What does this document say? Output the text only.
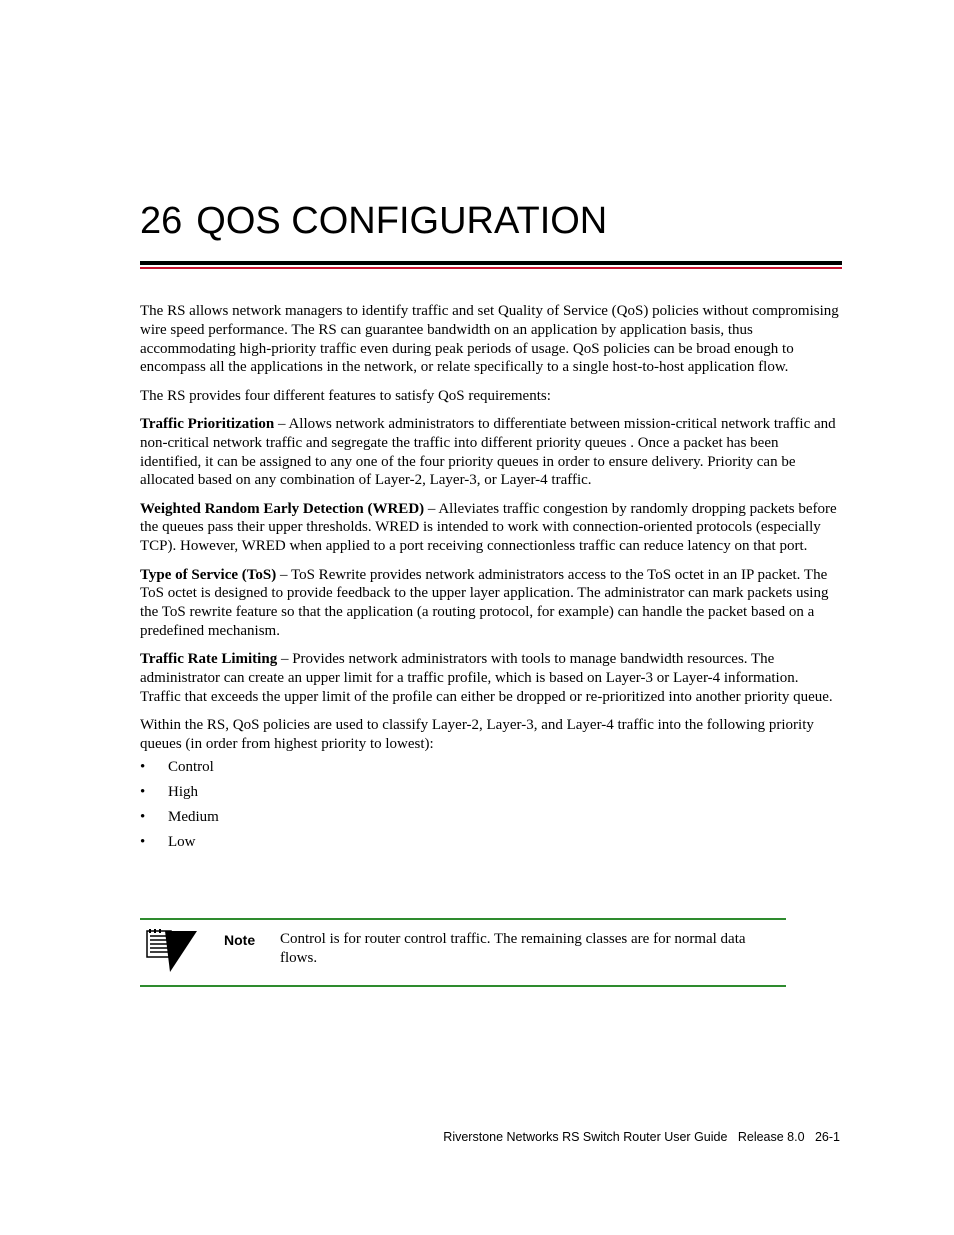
26 QOS CONFIGURATION

The RS allows network managers to identify traffic and set Quality of Service (QoS) policies without compromising wire speed performance. The RS can guarantee bandwidth on an application by application basis, thus accommodating high-priority traffic even during peak periods of usage. QoS policies can be broad enough to encompass all the applications in the network, or relate specifically to a single host-to-host application flow.

The RS provides four different features to satisfy QoS requirements:

Traffic Prioritization – Allows network administrators to differentiate between mission-critical network traffic and non-critical network traffic and segregate the traffic into different priority queues . Once a packet has been identified, it can be assigned to any one of the four priority queues in order to ensure delivery. Priority can be allocated based on any combination of Layer-2, Layer-3, or Layer-4 traffic.

Weighted Random Early Detection (WRED) – Alleviates traffic congestion by randomly dropping packets before the queues pass their upper thresholds. WRED is intended to work with connection-oriented protocols (especially TCP). However, WRED when applied to a port receiving connectionless traffic can reduce latency on that port.

Type of Service (ToS) – ToS Rewrite provides network administrators access to the ToS octet in an IP packet. The ToS octet is designed to provide feedback to the upper layer application. The administrator can mark packets using the ToS rewrite feature so that the application (a routing protocol, for example) can handle the packet based on a predefined mechanism.

Traffic Rate Limiting – Provides network administrators with tools to manage bandwidth resources. The administrator can create an upper limit for a traffic profile, which is based on Layer-3 or Layer-4 information. Traffic that exceeds the upper limit of the profile can either be dropped or re-prioritized into another priority queue.

Within the RS, QoS policies are used to classify Layer-2, Layer-3, and Layer-4 traffic into the following priority queues (in order from highest priority to lowest):

• Control
• High
• Medium
• Low
Note Control is for router control traffic. The remaining classes are for normal data flows.
Riverstone Networks RS Switch Router User Guide   Release 8.0   26-1
